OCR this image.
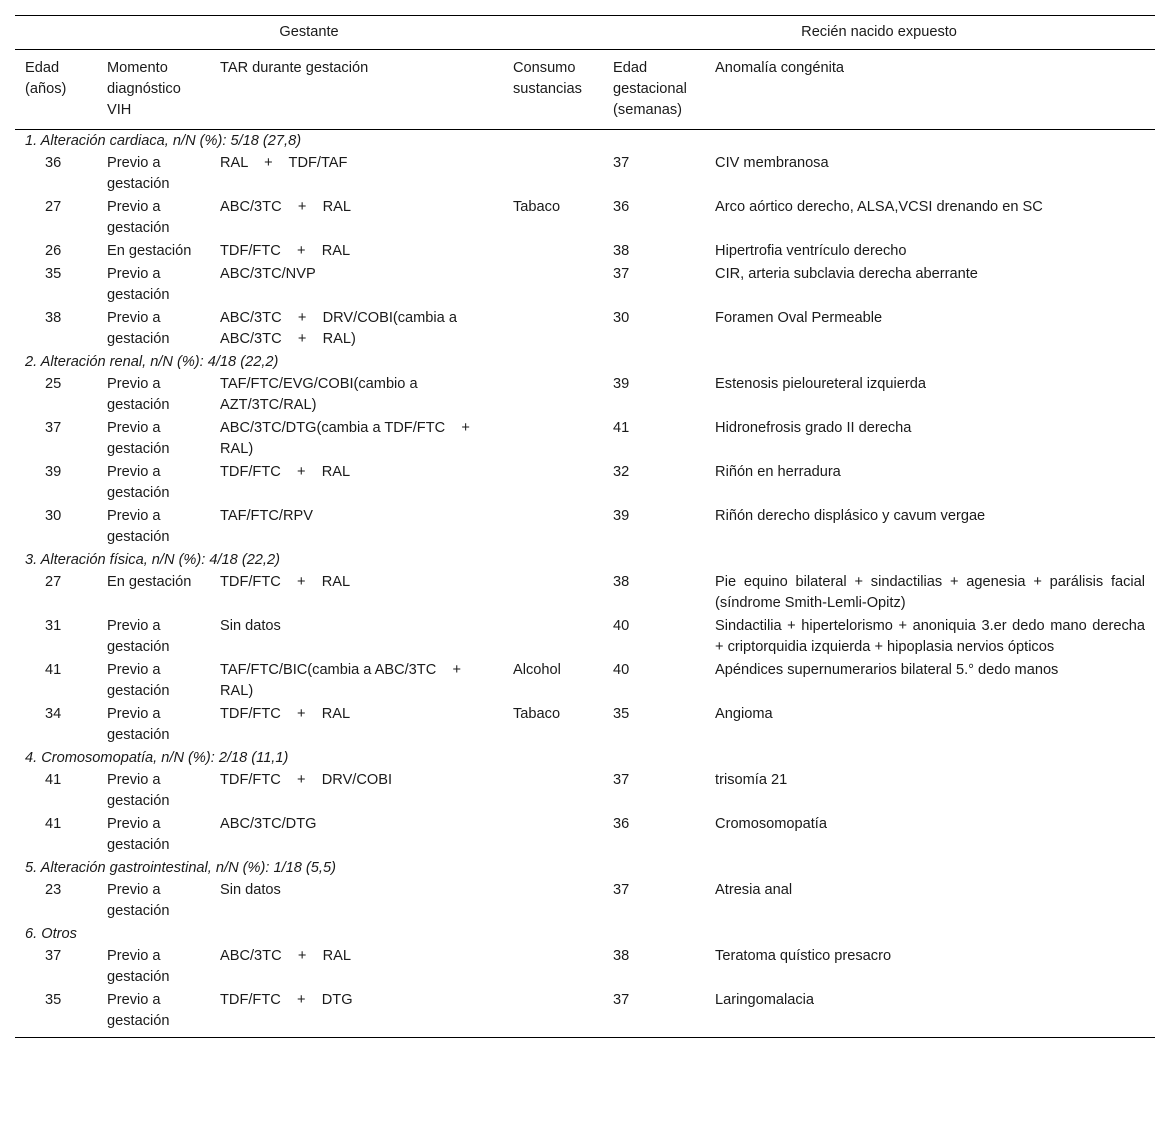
Gestante				Recién nacido expuesto	
Edad (años)	Momento diagnóstico VIH	TAR durante gestación	Consumo sustancias	Edad gestacional (semanas)	Anomalía congénita
1. Alteración cardiaca, n/N (%): 5/18 (27,8)					
36	Previo a gestación	RAL    +    TDF/TAF		37	CIV membranosa
27	Previo a gestación	ABC/3TC    +    RAL	Tabaco	36	Arco aórtico derecho, ALSA,VCSI drenando en SC
26	En gestación	TDF/FTC    +    RAL		38	Hipertrofia ventrículo derecho
35	Previo a gestación	ABC/3TC/NVP		37	CIR, arteria subclavia derecha aberrante
38	Previo a gestación	ABC/3TC    +    DRV/COBI(cambia a ABC/3TC    +    RAL)		30	Foramen Oval Permeable
2. Alteración renal, n/N (%): 4/18 (22,2)					
25	Previo a gestación	TAF/FTC/EVG/COBI(cambio a AZT/3TC/RAL)		39	Estenosis pieloureteral izquierda
37	Previo a gestación	ABC/3TC/DTG(cambia a TDF/FTC    +    RAL)		41	Hidronefrosis grado II derecha
39	Previo a gestación	TDF/FTC    +    RAL		32	Riñón en herradura
30	Previo a gestación	TAF/FTC/RPV		39	Riñón derecho displásico y cavum vergae
3. Alteración física, n/N (%): 4/18 (22,2)					
27	En gestación	TDF/FTC    +    RAL		38	Pie equino bilateral + sindactilias + agenesia + parálisis facial (síndrome Smith-Lemli-Opitz)
31	Previo a gestación	Sin datos		40	Sindactilia + hipertelorismo + anoniquia 3.er dedo mano derecha + criptorquidia izquierda + hipoplasia nervios ópticos
41	Previo a gestación	TAF/FTC/BIC(cambia a ABC/3TC    +    RAL)	Alcohol	40	Apéndices supernumerarios bilateral 5.° dedo manos
34	Previo a gestación	TDF/FTC    +    RAL	Tabaco	35	Angioma
4. Cromosomopatía, n/N (%): 2/18 (11,1)					
41	Previo a gestación	TDF/FTC    +    DRV/COBI		37	trisomía 21
41	Previo a gestación	ABC/3TC/DTG		36	Cromosomopatía
5. Alteración gastrointestinal, n/N (%): 1/18 (5,5)					
23	Previo a gestación	Sin datos		37	Atresia anal
6. Otros					
37	Previo a gestación	ABC/3TC    +    RAL		38	Teratoma quístico presacro
35	Previo a gestación	TDF/FTC    +    DTG		37	Laringomalacia
